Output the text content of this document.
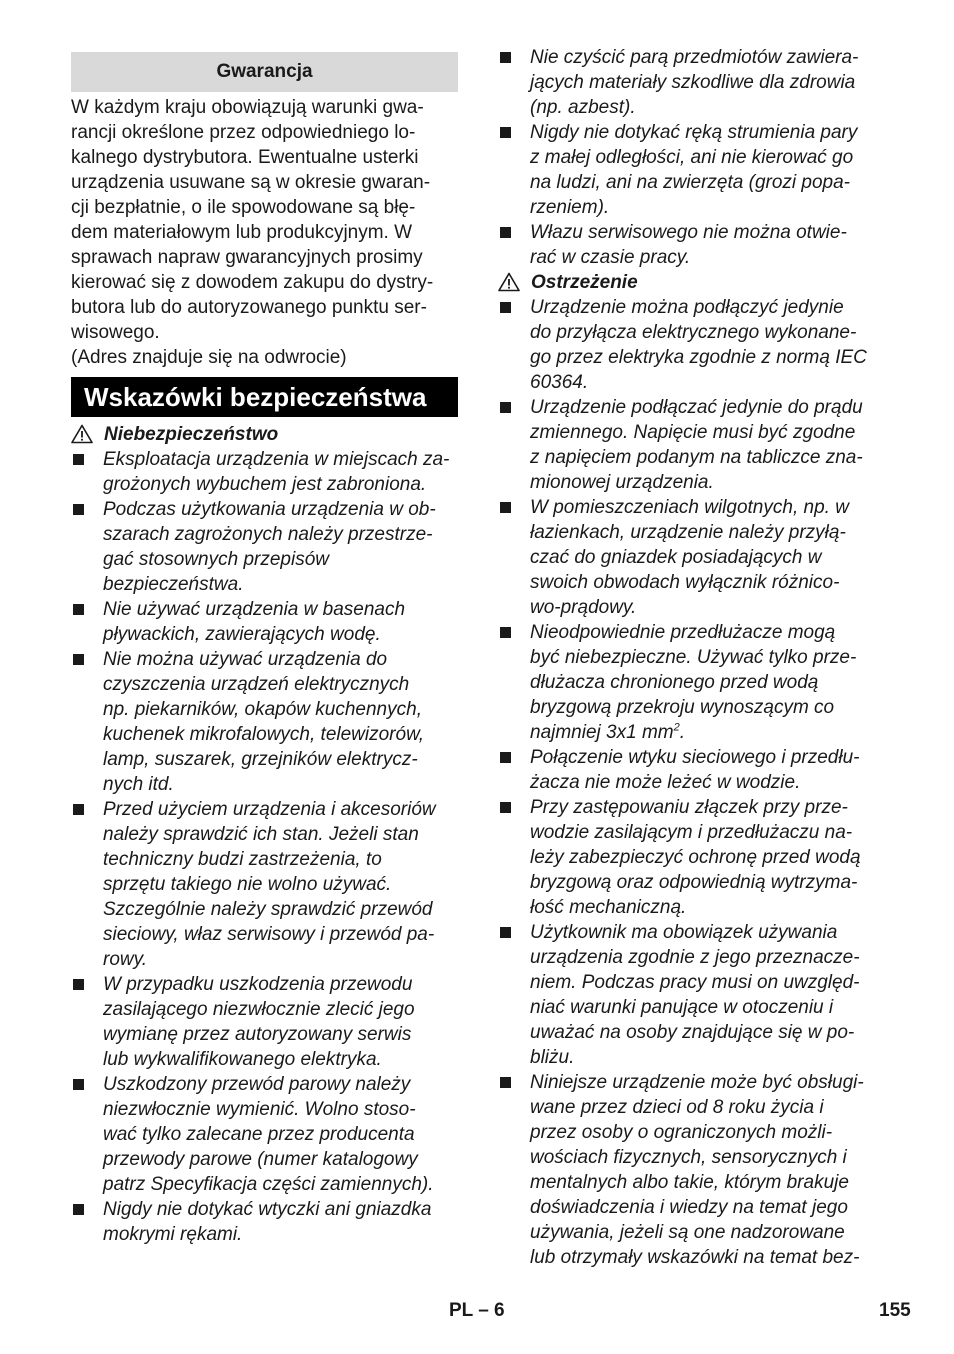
Gwarancja
W każdym kraju obowiązują warunki gwa-
rancji określone przez odpowiedniego lo-
kalnego dystrybutora. Ewentualne usterki
urządzenia usuwane są w okresie gwaran-
cji bezpłatnie, o ile spowodowane są błę-
dem materiałowym lub produkcyjnym. W
sprawach napraw gwarancyjnych prosimy
kierować się z dowodem zakupu do dystry-
butora lub do autoryzowanego punktu ser-
wisowego.
(Adres znajduje się na odwrocie)
Wskazówki bezpieczeństwa
Niebezpieczeństwo
Eksploatacja urządzenia w miejscach za-
grożonych wybuchem jest zabroniona.
Podczas użytkowania urządzenia w ob-
szarach zagrożonych należy przestrze-
gać stosownych przepisów
bezpieczeństwa.
Nie używać urządzenia w basenach
pływackich, zawierających wodę.
Nie można używać urządzenia do
czyszczenia urządzeń elektrycznych
np. piekarników, okapów kuchennych,
kuchenek mikrofalowych, telewizorów,
lamp, suszarek, grzejników elektrycz-
nych itd.
Przed użyciem urządzenia i akcesoriów
należy sprawdzić ich stan. Jeżeli stan
techniczny budzi zastrzeżenia, to
sprzętu takiego nie wolno używać.
Szczególnie należy sprawdzić przewód
sieciowy, właz serwisowy i przewód pa-
rowy.
W przypadku uszkodzenia przewodu
zasilającego niezwłocznie zlecić jego
wymianę przez autoryzowany serwis
lub wykwalifikowanego elektryka.
Uszkodzony przewód parowy należy
niezwłocznie wymienić. Wolno stoso-
wać tylko zalecane przez producenta
przewody parowe (numer katalogowy
patrz Specyfikacja części zamiennych).
Nigdy nie dotykać wtyczki ani gniazdka
mokrymi rękami.
Nie czyścić parą przedmiotów zawiera-
jących materiały szkodliwe dla zdrowia
(np. azbest).
Nigdy nie dotykać ręką strumienia pary
z małej odległości, ani nie kierować go
na ludzi, ani na zwierzęta (grozi popa-
rzeniem).
Włazu serwisowego nie można otwie-
rać w czasie pracy.
Ostrzeżenie
Urządzenie można podłączyć jedynie
do przyłącza elektrycznego wykonane-
go przez elektryka zgodnie z normą IEC
60364.
Urządzenie podłączać jedynie do prądu
zmiennego. Napięcie musi być zgodne
z napięciem podanym na tabliczce zna-
mionowej urządzenia.
W pomieszczeniach wilgotnych, np. w
łazienkach, urządzenie należy przyłą-
czać do gniazdek posiadających w
swoich obwodach wyłącznik różnico-
wo-prądowy.
Nieodpowiednie przedłużacze mogą
być niebezpieczne. Używać tylko prze-
dłużacza chronionego przed wodą
bryzgową przekroju wynoszącym co
najmniej 3x1 $mm^2$.
Połączenie wtyku sieciowego i przedłu-
żacza nie może leżeć w wodzie.
Przy zastępowaniu złączek przy prze-
wodzie zasilającym i przedłużaczu na-
leży zabezpieczyć ochronę przed wodą
bryzgową oraz odpowiednią wytrzyma-
łość mechaniczną.
Użytkownik ma obowiązek używania
urządzenia zgodnie z jego przeznacze-
niem. Podczas pracy musi on uwzględ-
niać warunki panujące w otoczeniu i
uważać na osoby znajdujące się w po-
bliżu.
Niniejsze urządzenie może być obsługi-
wane przez dzieci od 8 roku życia i
przez osoby o ograniczonych możli-
wościach fizycznych, sensorycznych i
mentalnych albo takie, którym brakuje
doświadczenia i wiedzy na temat jego
używania, jeżeli są one nadzorowane
lub otrzymały wskazówki na temat bez-
PL – 6	155
